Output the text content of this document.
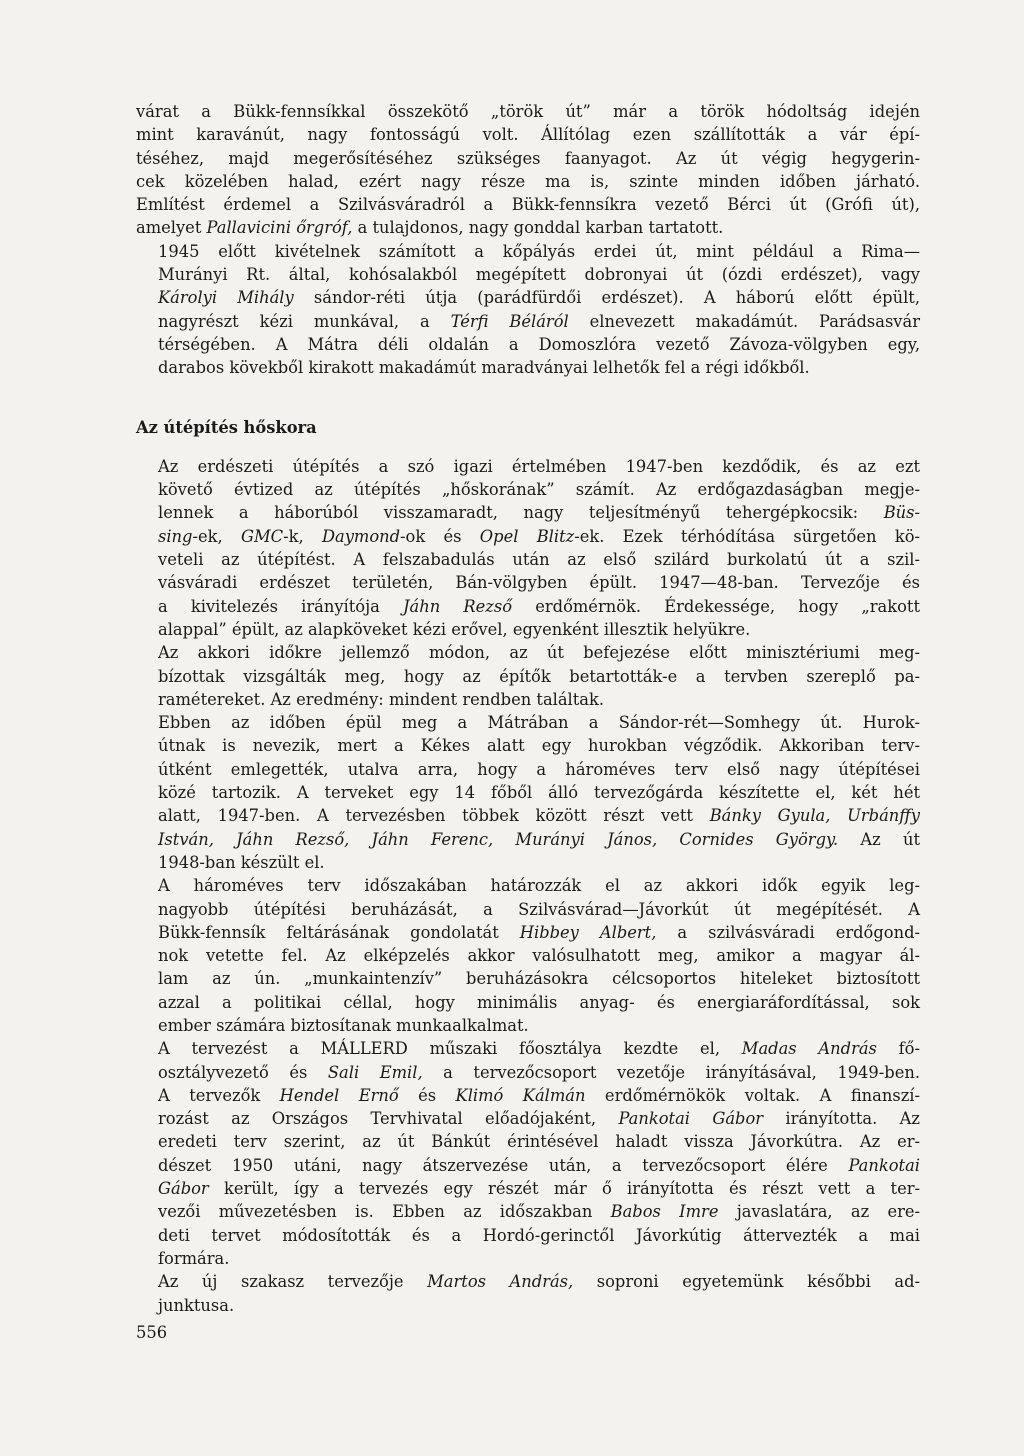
várat a Bükk-fennsíkkal összekötő „török út” már a török hódoltság idején
mint karavánút, nagy fontosságú volt. Állítólag ezen szállították a vár épí-
téséhez, majd megerősítéséhez szükséges faanyagot. Az út végig hegygerin-
cek közelében halad, ezért nagy része ma is, szinte minden időben járható.
Említést érdemel a Szilvásváradról a Bükk-fennsíkra vezető Bérci út (Grófi út),
amelyet Pallavicini őrgróf, a tulajdonos, nagy gonddal karban tartatott.

1945 előtt kivételnek számított a kőpályás erdei út, mint például a Rima—
Murányi Rt. által, kohósalakból megépített dobronyai út (ózdi erdészet), vagy
Károlyi Mihály sándor-réti útja (parádfürdői erdészet). A háború előtt épült,
nagyrészt kézi munkával, a Térfi Béláról elnevezett makadámút. Parádsasvár
térségében. A Mátra déli oldalán a Domoszlóra vezető Závoza-völgyben egy,
darabos kövekből kirakott makadámút maradványai lelhetők fel a régi időkből.

Az útépítés hőskora

Az erdészeti útépítés a szó igazi értelmében 1947-ben kezdődik, és az ezt
követő évtized az útépítés „hőskorának” számít. Az erdőgazdaságban megje-
lennek a háborúból visszamaradt, nagy teljesítményű tehergépkocsik: Büs-
sing-ek, GMC-k, Daymond-ok és Opel Blitz-ek. Ezek térhódítása sürgetően kö-
veteli az útépítést. A felszabadulás után az első szilárd burkolatú út a szil-
vásváradi erdészet területén, Bán-völgyben épült. 1947—48-ban. Tervezője és
a kivitelezés irányítója Jáhn Rezső erdőmérnök. Érdekessége, hogy „rakott
alappal” épült, az alapköveket kézi erővel, egyenként illesztik helyükre.

Az akkori időkre jellemző módon, az út befejezése előtt minisztériumi meg-
bízottak vizsgálták meg, hogy az építők betartották-e a tervben szereplő pa-
ramétereket. Az eredmény: mindent rendben találtak.

Ebben az időben épül meg a Mátrában a Sándor-rét—Somhegy út. Hurok-
útnak is nevezik, mert a Kékes alatt egy hurokban végződik. Akkoriban terv-
útként emlegették, utalva arra, hogy a hároméves terv első nagy útépítései
közé tartozik. A terveket egy 14 főből álló tervezőgárda készítette el, két hét
alatt, 1947-ben. A tervezésben többek között részt vett Bánky Gyula, Urbánffy
István, Jáhn Rezső, Jáhn Ferenc, Murányi János, Cornides György. Az út
1948-ban készült el.

A hároméves terv időszakában határozzák el az akkori idők egyik leg-
nagyobb útépítési beruházását, a Szilvásvárad—Jávorkút út megépítését. A
Bükk-fennsík feltárásának gondolatát Hibbey Albert, a szilvásváradi erdőgond-
nok vetette fel. Az elképzelés akkor valósulhatott meg, amikor a magyar ál-
lam az ún. „munkaintenzív” beruházásokra célcsoportos hiteleket biztosított
azzal a politikai céllal, hogy minimális anyag- és energiaráfordítással, sok
ember számára biztosítanak munkaalkalmat.

A tervezést a MÁLLERD műszaki főosztálya kezdte el, Madas András fő-
osztályvezető és Sali Emil, a tervezőcsoport vezetője irányításával, 1949-ben.
A tervezők Hendel Ernő és Klimó Kálmán erdőmérnökök voltak. A finanszí-
rozást az Országos Tervhivatal előadójaként, Pankotai Gábor irányította. Az
eredeti terv szerint, az út Bánkút érintésével haladt vissza Jávorkútra. Az er-
dészet 1950 utáni, nagy átszervezése után, a tervezőcsoport élére Pankotai
Gábor került, így a tervezés egy részét már ő irányította és részt vett a ter-
vezői művezetésben is. Ebben az időszakban Babos Imre javaslatára, az ere-
deti tervet módosították és a Hordó-gerinctől Jávorkútig áttervezték a mai
formára.

Az új szakasz tervezője Martos András, soproni egyetemünk későbbi ad-
junktusa.

556
